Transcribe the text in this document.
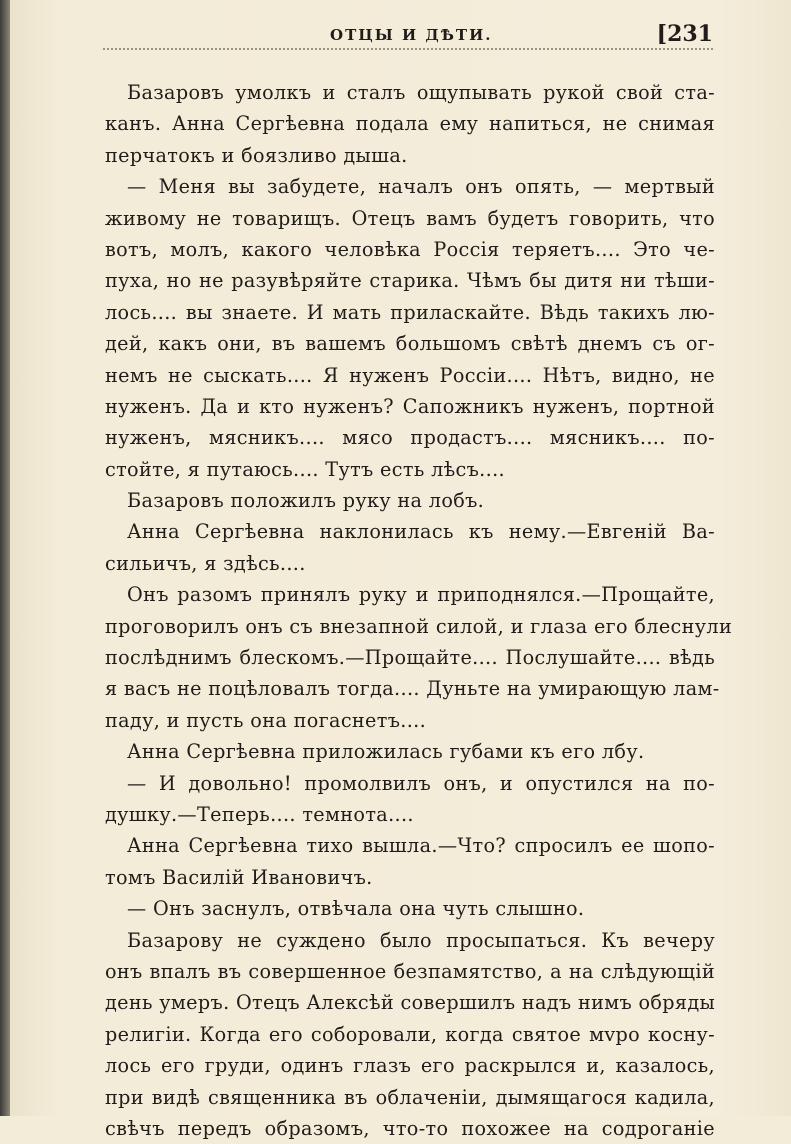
ОТЦЫ И ДѢТИ.	[231
Базаровъ умолкъ и сталъ ощупывать рукой свой ста-
канъ. Анна Сергѣевна подала ему напиться, не снимая
перчатокъ и боязливо дыша.
— Меня вы забудете, началъ онъ опять, — мертвый
живому не товарищъ. Отецъ вамъ будетъ говорить, что
вотъ, молъ, какого человѣка Россія теряетъ.... Это че-
пуха, но не разувѣряйте старика. Чѣмъ бы дитя ни тѣши-
лось.... вы знаете. И мать приласкайте. Вѣдь такихъ лю-
дей, какъ они, въ вашемъ большомъ свѣтѣ днемъ съ ог-
немъ не сыскать.... Я нуженъ Россіи.... Нѣтъ, видно, не
нуженъ. Да и кто нуженъ? Сапожникъ нуженъ, портной
нуженъ, мясникъ.... мясо продастъ.... мясникъ.... по-
стойте, я путаюсь.... Тутъ есть лѣсъ....
Базаровъ положилъ руку на лобъ.
Анна Сергѣевна наклонилась къ нему.—Евгеній Ва-
сильичъ, я здѣсь....
Онъ разомъ принялъ руку и приподнялся.—Прощайте,
проговорилъ онъ съ внезапной силой, и глаза его блеснули
послѣднимъ блескомъ.—Прощайте.... Послушайте.... вѣдь
я васъ не поцѣловалъ тогда.... Дуньте на умирающую лам-
паду, и пусть она погаснетъ....
Анна Сергѣевна приложилась губами къ его лбу.
— И довольно! промолвилъ онъ, и опустился на по-
душку.—Теперь.... темнота....
Анна Сергѣевна тихо вышла.—Что? спросилъ ее шопо-
томъ Василій Ивановичъ.
— Онъ заснулъ, отвѣчала она чуть слышно.
Базарову не суждено было просыпаться. Къ вечеру
онъ впалъ въ совершенное безпамятство, а на слѣдующій
день умеръ. Отецъ Алексѣй совершилъ надъ нимъ обряды
религіи. Когда его соборовали, когда святое мvро косну-
лось его груди, одинъ глазъ его раскрылся и, казалось,
при видѣ священника въ облаченіи, дымящагося кадила,
свѣчъ передъ образомъ, что-то похожее на содроганіе
